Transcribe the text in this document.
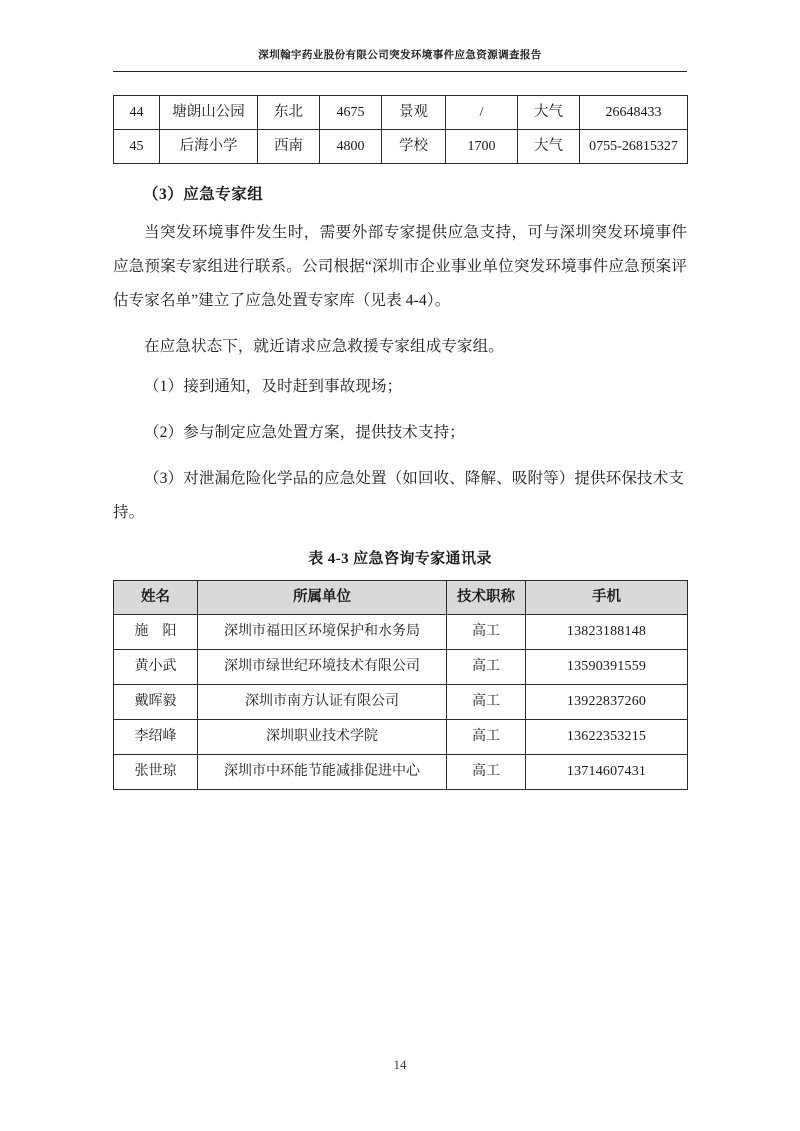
深圳翰宇药业股份有限公司突发环境事件应急资源调查报告
44	塘朗山公园	东北	4675	景观	/	大气	26648433
45	后海小学	西南	4800	学校	1700	大气	0755-26815327
（3）应急专家组

当突发环境事件发生时，需要外部专家提供应急支持，可与深圳突发环境事件应急预案专家组进行联系。公司根据“深圳市企业事业单位突发环境事件应急预案评估专家名单”建立了应急处置专家库（见表 4-4）。

在应急状态下，就近请求应急救援专家组成专家组。

（1）接到通知，及时赶到事故现场；

（2）参与制定应急处置方案，提供技术支持；

（3）对泄漏危险化学品的应急处置（如回收、降解、吸附等）提供环保技术支持。

表 4-3 应急咨询专家通讯录
姓名	所属单位	技术职称	手机
施　阳	深圳市福田区环境保护和水务局	高工	13823188148
黄小武	深圳市绿世纪环境技术有限公司	高工	13590391559
戴晖毅	深圳市南方认证有限公司	高工	13922837260
李绍峰	深圳职业技术学院	高工	13622353215
张世琼	深圳市中环能节能减排促进中心	高工	13714607431
14
